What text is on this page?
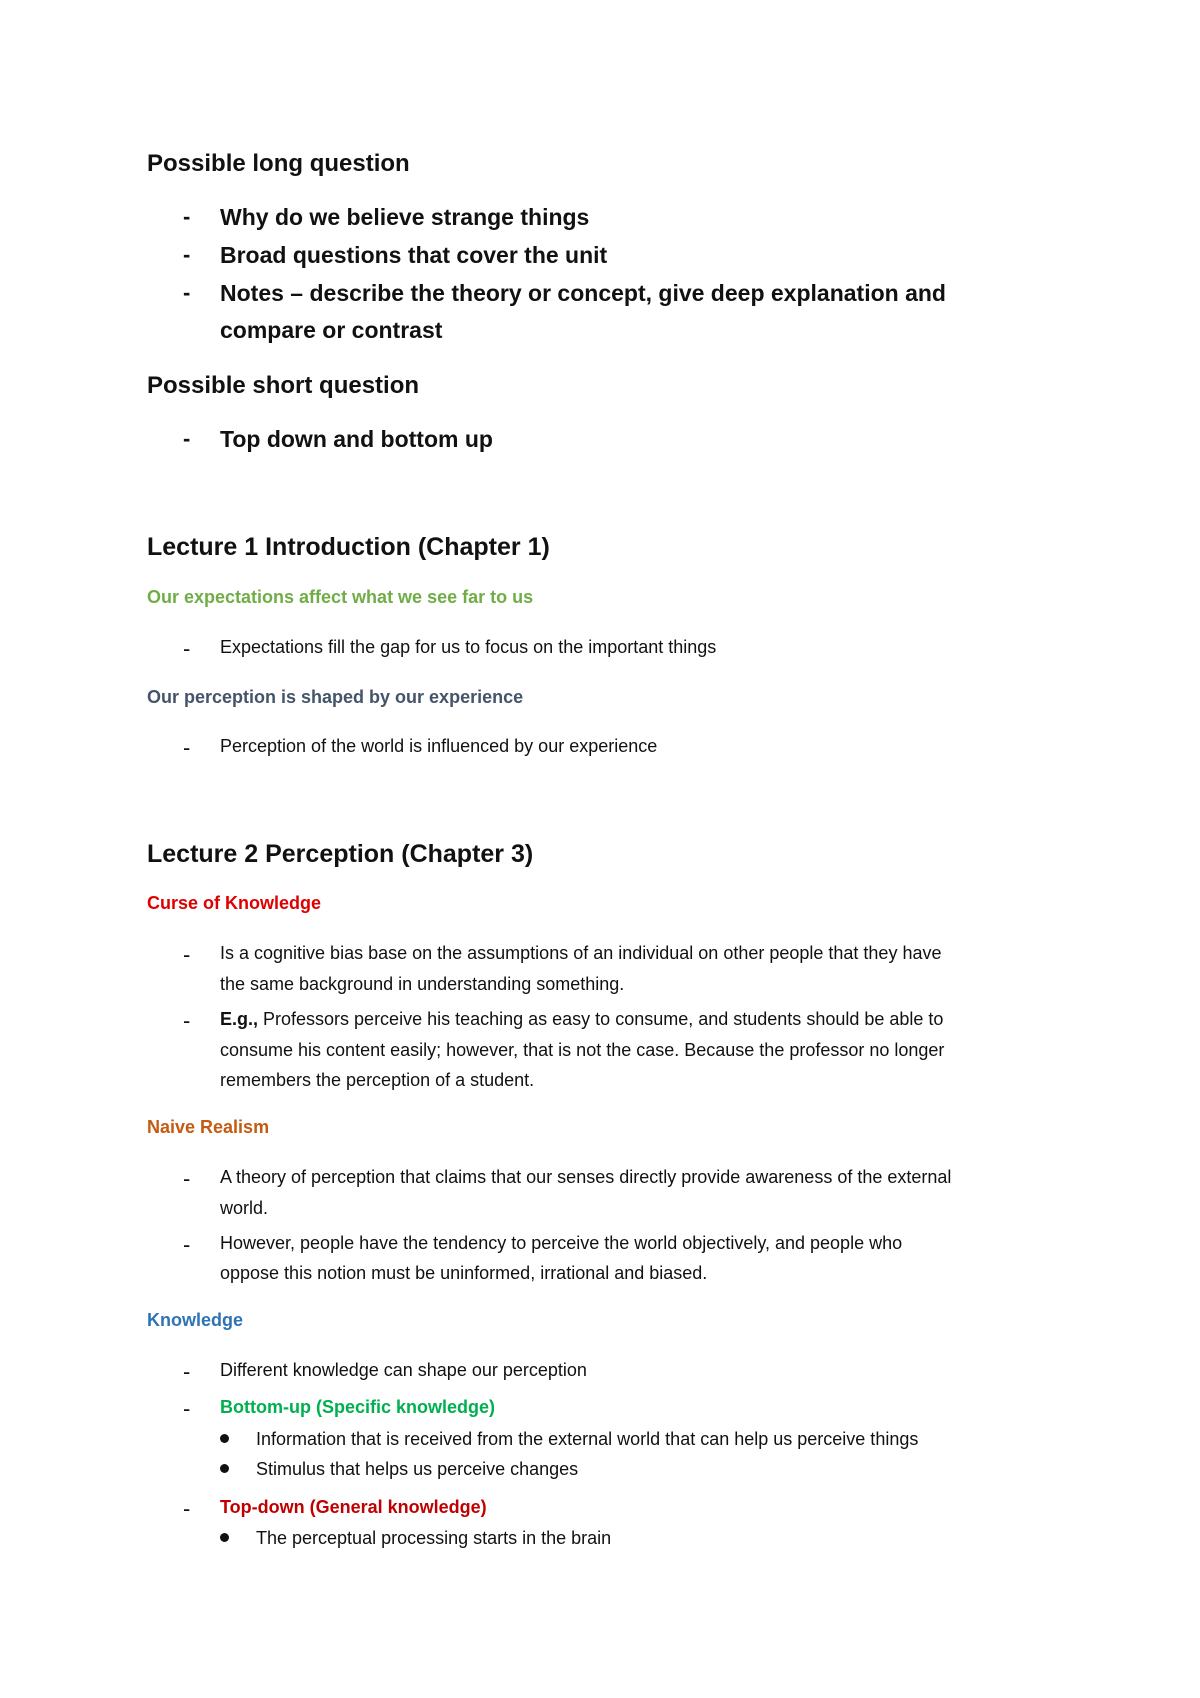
Possible long question
- Why do we believe strange things
- Broad questions that cover the unit
- Notes – describe the theory or concept, give deep explanation and
compare or contrast
Possible short question
- Top down and bottom up
Lecture 1 Introduction (Chapter 1)
Our expectations affect what we see far to us
- Expectations fill the gap for us to focus on the important things
Our perception is shaped by our experience
- Perception of the world is influenced by our experience
Lecture 2 Perception (Chapter 3)
Curse of Knowledge
- Is a cognitive bias base on the assumptions of an individual on other people that they have
the same background in understanding something.
- E.g., Professors perceive his teaching as easy to consume, and students should be able to
consume his content easily; however, that is not the case. Because the professor no longer
remembers the perception of a student.
Naive Realism
- A theory of perception that claims that our senses directly provide awareness of the external
world.
- However, people have the tendency to perceive the world objectively, and people who
oppose this notion must be uninformed, irrational and biased.
Knowledge
- Different knowledge can shape our perception
- Bottom-up (Specific knowledge)
Information that is received from the external world that can help us perceive things
Stimulus that helps us perceive changes
- Top-down (General knowledge)
The perceptual processing starts in the brain
